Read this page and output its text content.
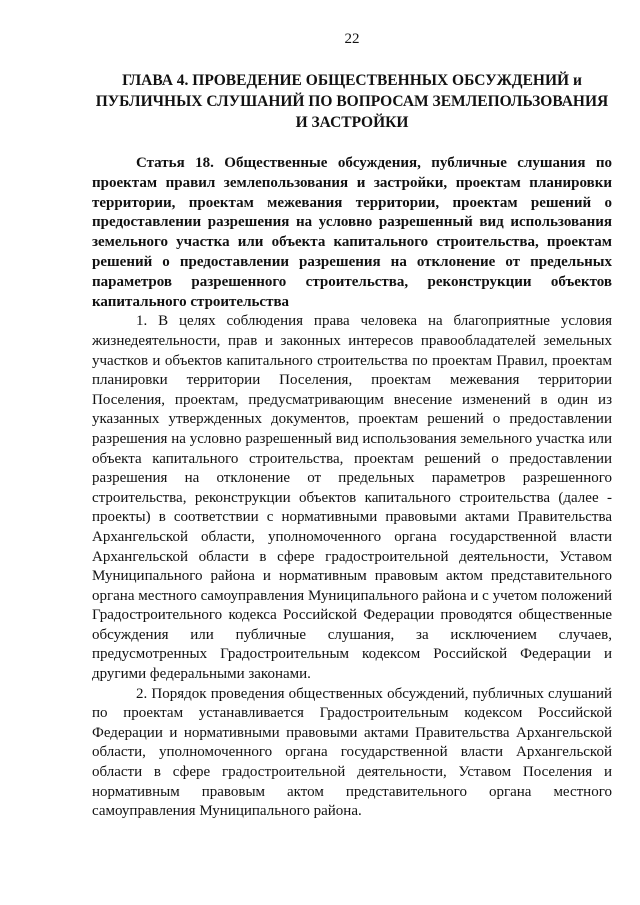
22
ГЛАВА 4. ПРОВЕДЕНИЕ ОБЩЕСТВЕННЫХ ОБСУЖДЕНИЙ и
ПУБЛИЧНЫХ СЛУШАНИЙ ПО ВОПРОСАМ ЗЕМЛЕПОЛЬЗОВАНИЯ
И ЗАСТРОЙКИ

Статья 18. Общественные обсуждения, публичные слушания по проектам правил землепользования и застройки, проектам планировки территории, проектам межевания территории, проектам решений о предоставлении разрешения на условно разрешенный вид использования земельного участка или объекта капитального строительства, проектам решений о предоставлении разрешения на отклонение от предельных параметров разрешенного строительства, реконструкции объектов капитального строительства

1. В целях соблюдения права человека на благоприятные условия жизнедеятельности, прав и законных интересов правообладателей земельных участков и объектов капитального строительства по проектам Правил, проектам планировки территории Поселения, проектам межевания территории Поселения, проектам, предусматривающим внесение изменений в один из указанных утвержденных документов, проектам решений о предоставлении разрешения на условно разрешенный вид использования земельного участка или объекта капитального строительства, проектам решений о предоставлении разрешения на отклонение от предельных параметров разрешенного строительства, реконструкции объектов капитального строительства (далее - проекты) в соответствии с нормативными правовыми актами Правительства Архангельской области, уполномоченного органа государственной власти Архангельской области в сфере градостроительной деятельности, Уставом Муниципального района и нормативным правовым актом представительного органа местного самоуправления Муниципального района и с учетом положений Градостроительного кодекса Российской Федерации проводятся общественные обсуждения или публичные слушания, за исключением случаев, предусмотренных Градостроительным кодексом Российской Федерации и другими федеральными законами.

2. Порядок проведения общественных обсуждений, публичных слушаний по проектам устанавливается Градостроительным кодексом Российской Федерации и нормативными правовыми актами Правительства Архангельской области, уполномоченного органа государственной власти Архангельской области в сфере градостроительной деятельности, Уставом Поселения и нормативным правовым актом представительного органа местного самоуправления Муниципального района.
